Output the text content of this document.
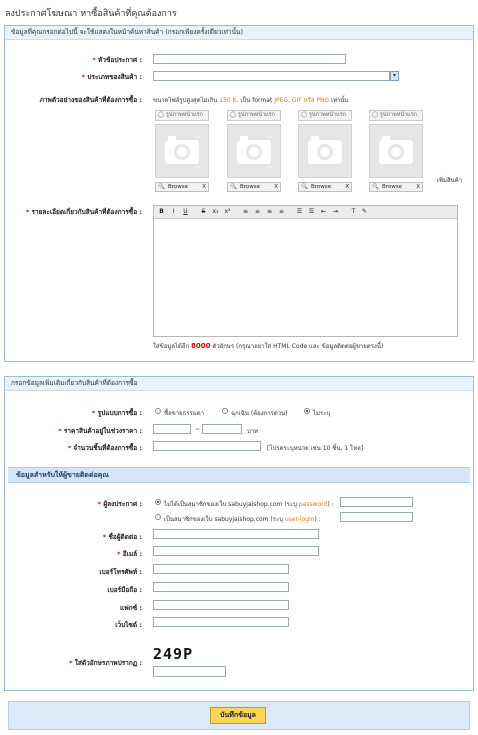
ลงประกาศโฆษณา หาซื้อสินค้าที่คุณต้องการ
ข้อมูลที่คุณกรอกต่อไปนี้ จะใช้แสดงในหน้าค้นหาสินค้า (กรอกเพียงครั้งเดียวเท่านั้น)
* หัวข้อประกาศ :
* ประเภทของสินค้า :	▾
ภาพตัวอย่างของสินค้าที่ต้องการซื้อ : ขนาดไฟล์รูปสูงสุดไม่เกิน 150 K. เป็น format JPEG, GIF หรือ PNG เท่านั้น
◯ รูปภาพหน้าแรก
🔍 Browse	X
◯ รูปภาพหน้าแรก
🔍 Browse	X
◯ รูปภาพหน้าแรก
🔍 Browse	X
◯ รูปภาพหน้าแรก
🔍 Browse	X
เพิ่มสินค้า
* รายละเอียดเกี่ยวกับสินค้าที่ต้องการซื้อ :	B	I	U	S	x₂ x²	≡	≡	≡	≡	☰	☰	⇤	⇥	T	✎
ใส่ข้อมูลได้อีก 8000 ตัวอักษร (กรุณาอย่าใส่ HTML Code และ ข้อมูลติดต่อผู้ขายตรงนี้)
กรอกข้อมูลเพิ่มเติมเกี่ยวกับสินค้าที่ต้องการซื้อ
* รูปแบบการซื้อ :	ซื้อขายธรรมดา	ฉุกเฉิน (ต้องการด่วน)	ไม่ระบุ
* ราคาสินค้าอยู่ในช่วงราคา :	~	บาท
* จำนวนชิ้นที่ต้องการซื้อ :	[โปรดระบุหน่วย เช่น 10 ชิ้น, 1 โหล]
ข้อมูลสำหรับให้ผู้ขายติดต่อคุณ
* ผู้ลงประกาศ :	ไม่ได้เป็นสมาชิกของเว็บ sabuyjaishop.com (ระบุ password) :
เป็นสมาชิกของเว็บ sabuyjaishop.com (ระบุ user-login) :
* ชื่อผู้ติดต่อ :
* อีเมล์ :
เบอร์โทรศัพท์ :
เบอร์มือถือ :
แฟกซ์ :
เว็บไซต์ :
249P
* ใส่ตัวอักษรภาพปรากฏ :
บันทึกข้อมูล
